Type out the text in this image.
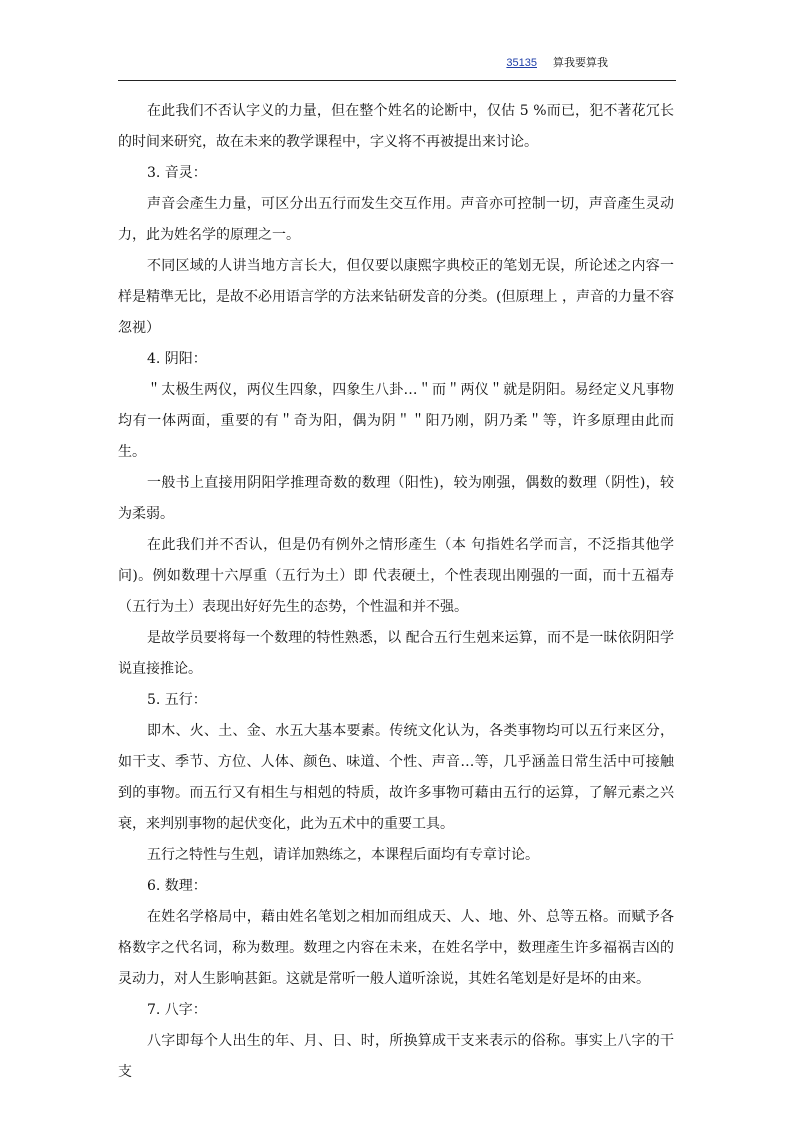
35135 算我要算我

在此我们不否认字义的力量，但在整个姓名的论断中，仅估 5 %而已，犯不著花冗长的时间来研究，故在未来的教学课程中，字义将不再被提出来讨论。

3. 音灵：

声音会產生力量，可区分出五行而发生交互作用。声音亦可控制一切，声音產生灵动力，此为姓名学的原理之一。

不同区域的人讲当地方言长大，但仅要以康熙字典校正的笔划无误，所论述之内容一样是精準无比，是故不必用语言学的方法来钻研发音的分类。(但原理上 ，声音的力量不容忽视）

4. 阴阳：

＂太极生两仪，两仪生四象，四象生八卦…＂而＂两仪＂就是阴阳。易经定义凡事物均有一体两面，重要的有＂奇为阳，偶为阴＂＂阳乃刚，阴乃柔＂等，许多原理由此而生。

一般书上直接用阴阳学推理奇数的数理（阳性)，较为刚强，偶数的数理（阴性)，较为柔弱。

在此我们并不否认，但是仍有例外之情形產生（本 句指姓名学而言，不泛指其他学问)。例如数理十六厚重（五行为土）即 代表硬土，个性表现出刚强的一面，而十五福寿（五行为土）表现出好好先生的态势，个性温和并不强。

是故学员要将每一个数理的特性熟悉，以 配合五行生剋来运算，而不是一昧依阴阳学说直接推论。

5. 五行：

即木、火、土、金、水五大基本要素。传统文化认为，各类事物均可以五行来区分，如干支、季节、方位、人体、颜色、味道、个性、声音…等，几乎涵盖日常生活中可接触到的事物。而五行又有相生与相剋的特质，故许多事物可藉由五行的运算，了解元素之兴衰，来判别事物的起伏变化，此为五术中的重要工具。

五行之特性与生剋，请详加熟练之，本课程后面均有专章讨论。

6. 数理：

在姓名学格局中，藉由姓名笔划之相加而组成天、人、地、外、总等五格。而赋予各格数字之代名词，称为数理。数理之内容在未来，在姓名学中，数理產生许多福祸吉凶的灵动力，对人生影响甚鉅。这就是常听一般人道听涂说，其姓名笔划是好是坏的由来。

7. 八字：

八字即每个人出生的年、月、日、时，所换算成干支来表示的俗称。事实上八字的干支
